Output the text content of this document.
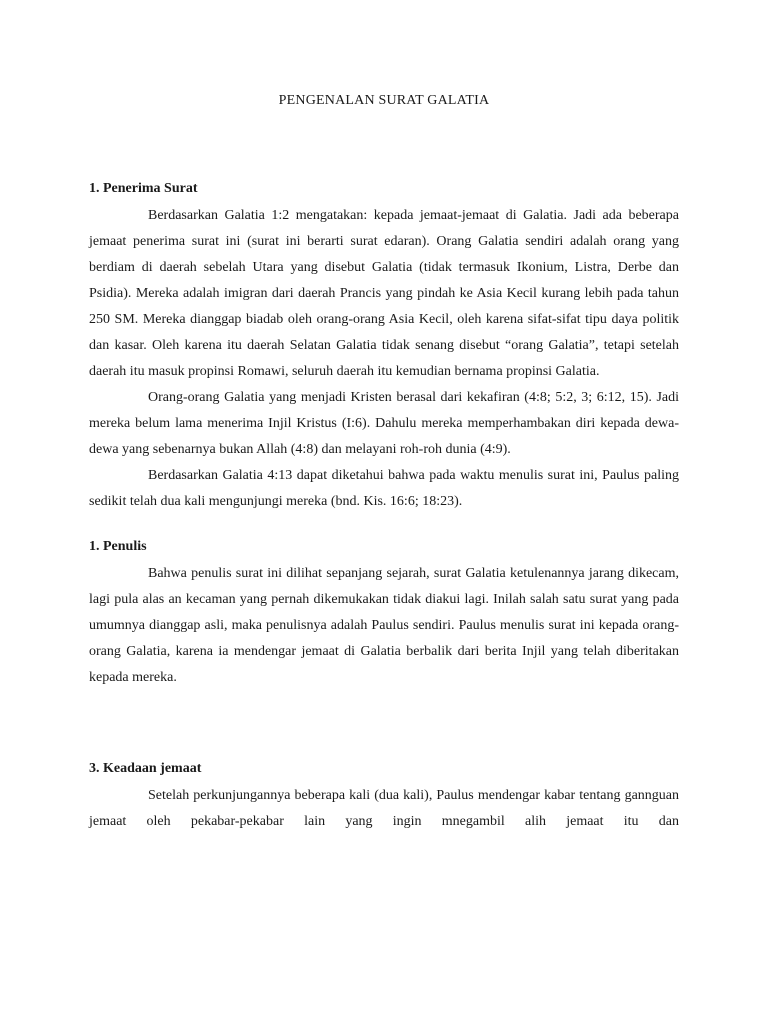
PENGENALAN SURAT GALATIA
1. Penerima Surat

Berdasarkan Galatia 1:2 mengatakan: kepada jemaat-jemaat di Galatia. Jadi ada beberapa jemaat penerima surat ini (surat ini berarti surat edaran). Orang Galatia sendiri adalah orang yang berdiam di daerah sebelah Utara yang disebut Galatia (tidak termasuk Ikonium, Listra, Derbe dan Psidia). Mereka adalah imigran dari daerah Prancis yang pindah ke Asia Kecil kurang lebih pada tahun 250 SM. Mereka dianggap biadab oleh orang-orang Asia Kecil, oleh karena sifat-sifat tipu daya politik dan kasar. Oleh karena itu daerah Selatan Galatia tidak senang disebut “orang Galatia”, tetapi setelah daerah itu masuk propinsi Romawi, seluruh daerah itu kemudian bernama propinsi Galatia.

Orang-orang Galatia yang menjadi Kristen berasal dari kekafiran (4:8; 5:2, 3; 6:12, 15). Jadi mereka belum lama menerima Injil Kristus (I:6). Dahulu mereka memperhambakan diri kepada dewa-dewa yang sebenarnya bukan Allah (4:8) dan melayani roh-roh dunia (4:9).

Berdasarkan Galatia 4:13 dapat diketahui bahwa pada waktu menulis surat ini, Paulus paling sedikit telah dua kali mengunjungi mereka (bnd. Kis. 16:6; 18:23).

1. Penulis

Bahwa penulis surat ini dilihat sepanjang sejarah, surat Galatia ketulenannya jarang dikecam, lagi pula alas an kecaman yang pernah dikemukakan tidak diakui lagi. Inilah salah satu surat yang pada umumnya dianggap asli, maka penulisnya adalah Paulus sendiri. Paulus menulis surat ini kepada orang-orang Galatia, karena ia mendengar jemaat di Galatia berbalik dari berita Injil yang telah diberitakan kepada mereka.

3. Keadaan jemaat

Setelah perkunjungannya beberapa kali (dua kali), Paulus mendengar kabar tentang gannguan jemaat oleh pekabar-pekabar lain yang ingin mnegambil alih jemaat itu dan
